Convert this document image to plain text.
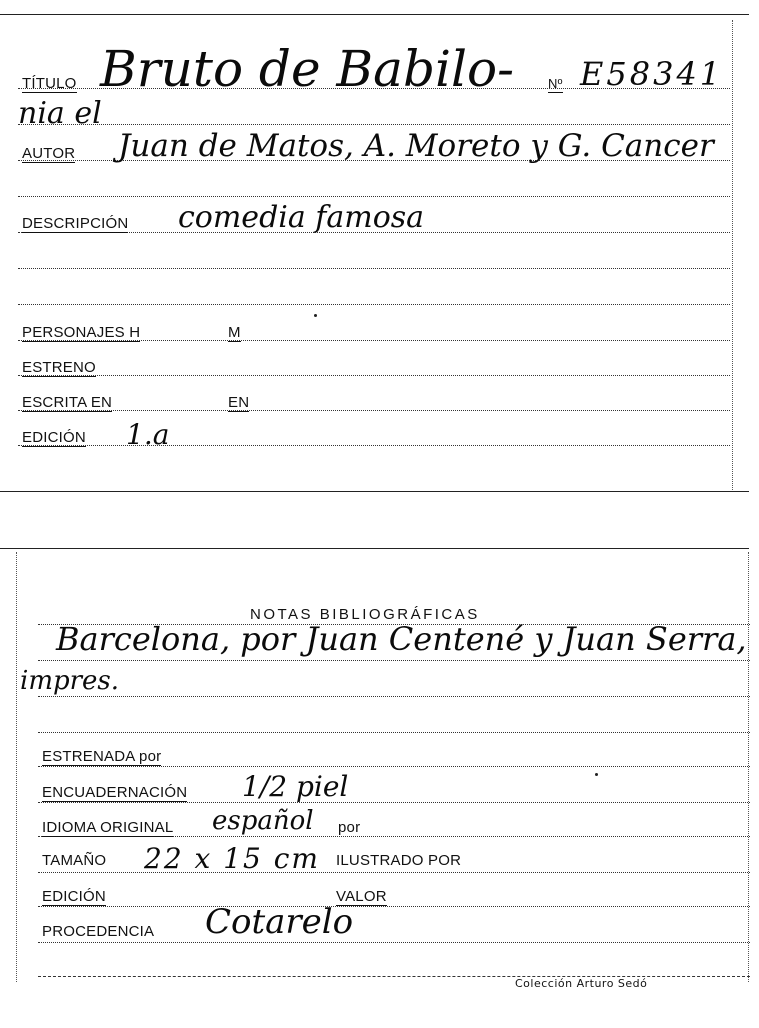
TÍTULO Bruto de Babilo-	Nº E58341
nia el
AUTOR Juan de Matos, A. Moreto y G. Cancer
DESCRIPCIÓN comedia famosa
PERSONAJES H	M
ESTRENO
ESCRITA EN	EN
EDICIÓN 1.a
NOTAS BIBLIOGRÁFICAS
Barcelona, por Juan Centené y Juan Serra,
impres.
ESTRENADA por
ENCUADERNACIÓN 1/2 piel
IDIOMA ORIGINAL español por
TAMAÑO 22 x 15 cm ILUSTRADO POR
EDICIÓN	VALOR
PROCEDENCIA Cotarelo
Colección Arturo Sedó
